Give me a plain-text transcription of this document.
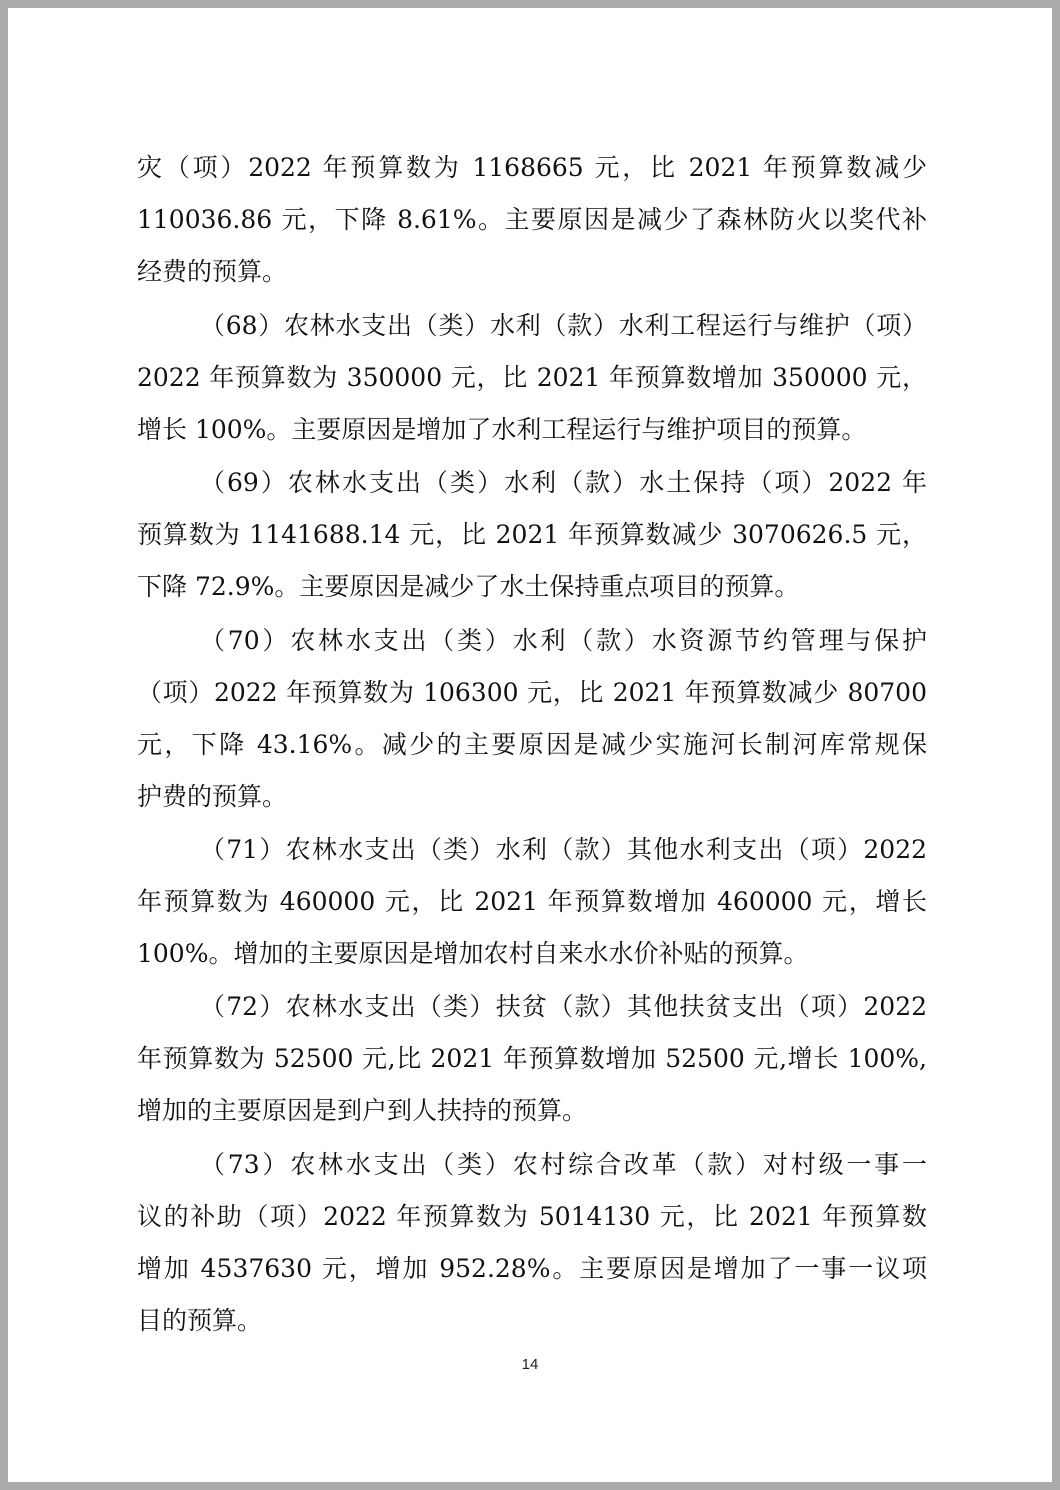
灾（项）2022 年预算数为 1168665 元，比 2021 年预算数减少
110036.86 元，下降 8.61%。主要原因是减少了森林防火以奖代补
经费的预算。
（68）农林水支出（类）水利（款）水利工程运行与维护（项）
2022 年预算数为 350000 元，比 2021 年预算数增加 350000 元，
增长 100%。主要原因是增加了水利工程运行与维护项目的预算。
（69）农林水支出（类）水利（款）水土保持（项）2022 年
预算数为 1141688.14 元，比 2021 年预算数减少 3070626.5 元，
下降 72.9%。主要原因是减少了水土保持重点项目的预算。
（70）农林水支出（类）水利（款）水资源节约管理与保护
（项）2022 年预算数为 106300 元，比 2021 年预算数减少 80700
元，下降 43.16%。减少的主要原因是减少实施河长制河库常规保
护费的预算。
（71）农林水支出（类）水利（款）其他水利支出（项）2022
年预算数为 460000 元，比 2021 年预算数增加 460000 元，增长
100%。增加的主要原因是增加农村自来水水价补贴的预算。
（72）农林水支出（类）扶贫（款）其他扶贫支出（项）2022
年预算数为 52500 元,比 2021 年预算数增加 52500 元,增长 100%,
增加的主要原因是到户到人扶持的预算。
（73）农林水支出（类）农村综合改革（款）对村级一事一
议的补助（项）2022 年预算数为 5014130 元，比 2021 年预算数
增加 4537630 元，增加 952.28%。主要原因是增加了一事一议项
目的预算。
14
